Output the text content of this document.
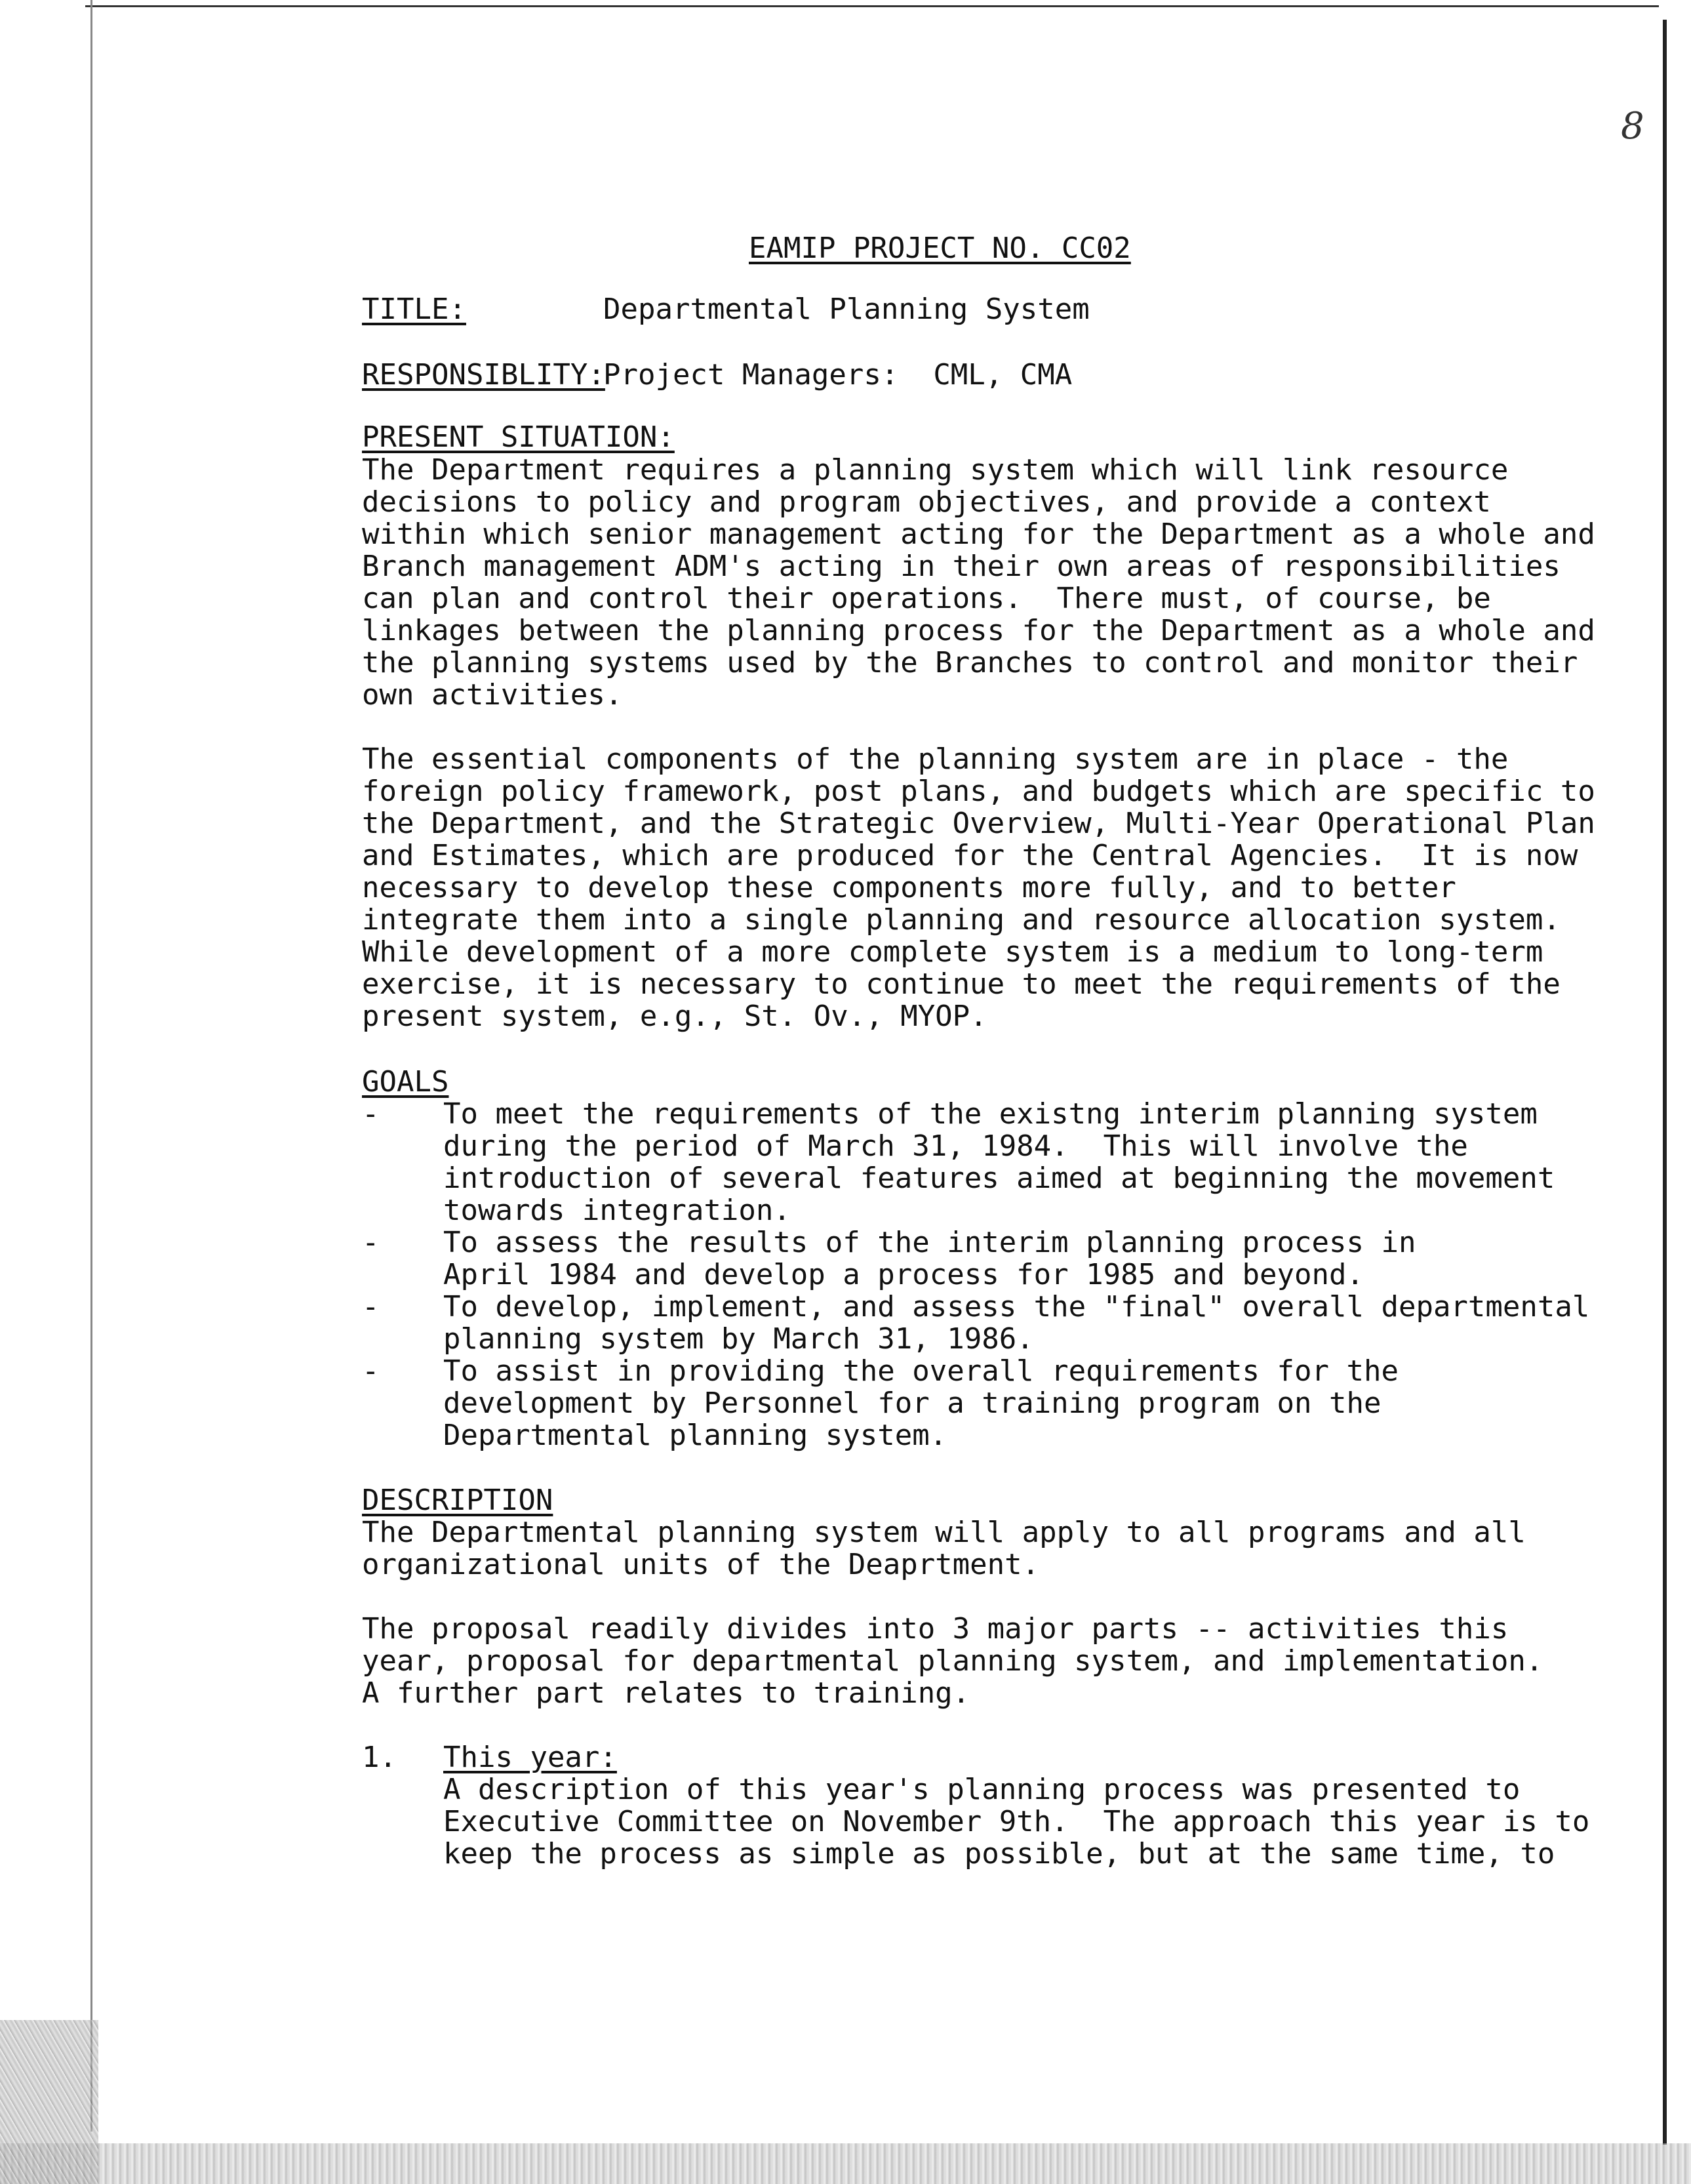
8
EAMIP PROJECT NO. CC02
TITLE:	Departmental Planning System
RESPONSIBLITY:
Project Managers:  CML, CMA
PRESENT SITUATION:
The Department requires a planning system which will link resource
decisions to policy and program objectives, and provide a context
within which senior management acting for the Department as a whole and
Branch management ADM's acting in their own areas of responsibilities
can plan and control their operations.  There must, of course, be
linkages between the planning process for the Department as a whole and
the planning systems used by the Branches to control and monitor their
own activities.
The essential components of the planning system are in place - the
foreign policy framework, post plans, and budgets which are specific to
the Department, and the Strategic Overview, Multi-Year Operational Plan
and Estimates, which are produced for the Central Agencies.  It is now
necessary to develop these components more fully, and to better
integrate them into a single planning and resource allocation system.
While development of a more complete system is a medium to long-term
exercise, it is necessary to continue to meet the requirements of the
present system, e.g., St. Ov., MYOP.
GOALS
- To meet the requirements of the existng interim planning system
during the period of March 31, 1984.  This will involve the
introduction of several features aimed at beginning the movement
towards integration.
- To assess the results of the interim planning process in
April 1984 and develop a process for 1985 and beyond.
- To develop, implement, and assess the "final" overall departmental
planning system by March 31, 1986.
- To assist in providing the overall requirements for the
development by Personnel for a training program on the
Departmental planning system.
DESCRIPTION
The Departmental planning system will apply to all programs and all
organizational units of the Deaprtment.
The proposal readily divides into 3 major parts -- activities this
year, proposal for departmental planning system, and implementation.
A further part relates to training.
1. This year:
A description of this year's planning process was presented to
Executive Committee on November 9th.  The approach this year is to
keep the process as simple as possible, but at the same time, to
